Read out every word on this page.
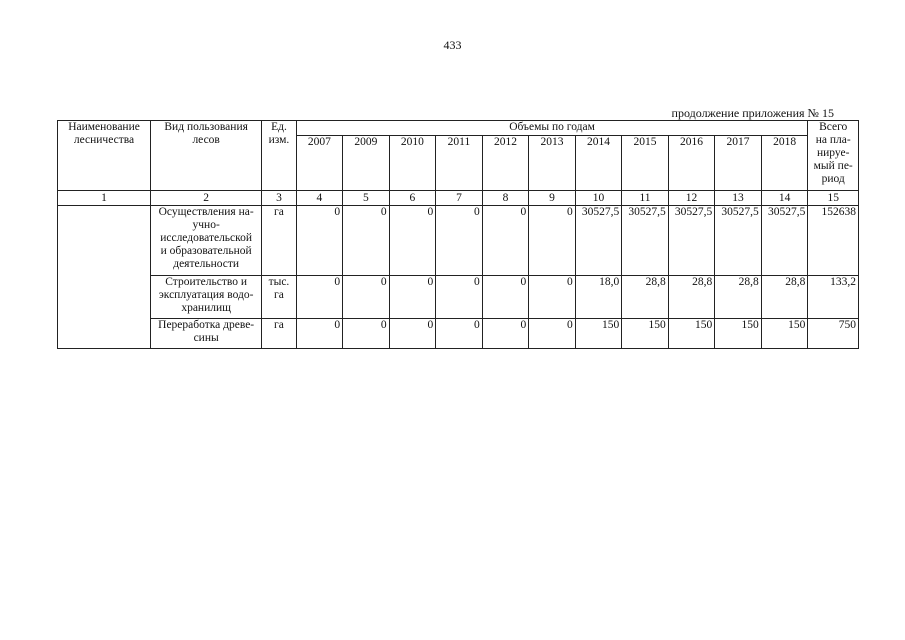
433
продолжение приложения № 15
Наименование
лесничества	Вид пользования
лесов	Ед.
изм.	Объемы по годам											Всего
на пла-
нируе-
мый пе-
риод
			2007	2009	2010	2011	2012	2013	2014	2015	2016	2017	2018	
1	2	3	4	5	6	7	8	9	10	11	12	13	14	15
	Осуществления на-
учно-
исследовательской
и образовательной
деятельности	га	0	0	0	0	0	0	30527,5	30527,5	30527,5	30527,5	30527,5	152638
	Строительство и
эксплуатация водо-
хранилищ	тыс.
га	0	0	0	0	0	0	18,0	28,8	28,8	28,8	28,8	133,2
	Переработка древе-
сины	га	0	0	0	0	0	0	150	150	150	150	150	750
